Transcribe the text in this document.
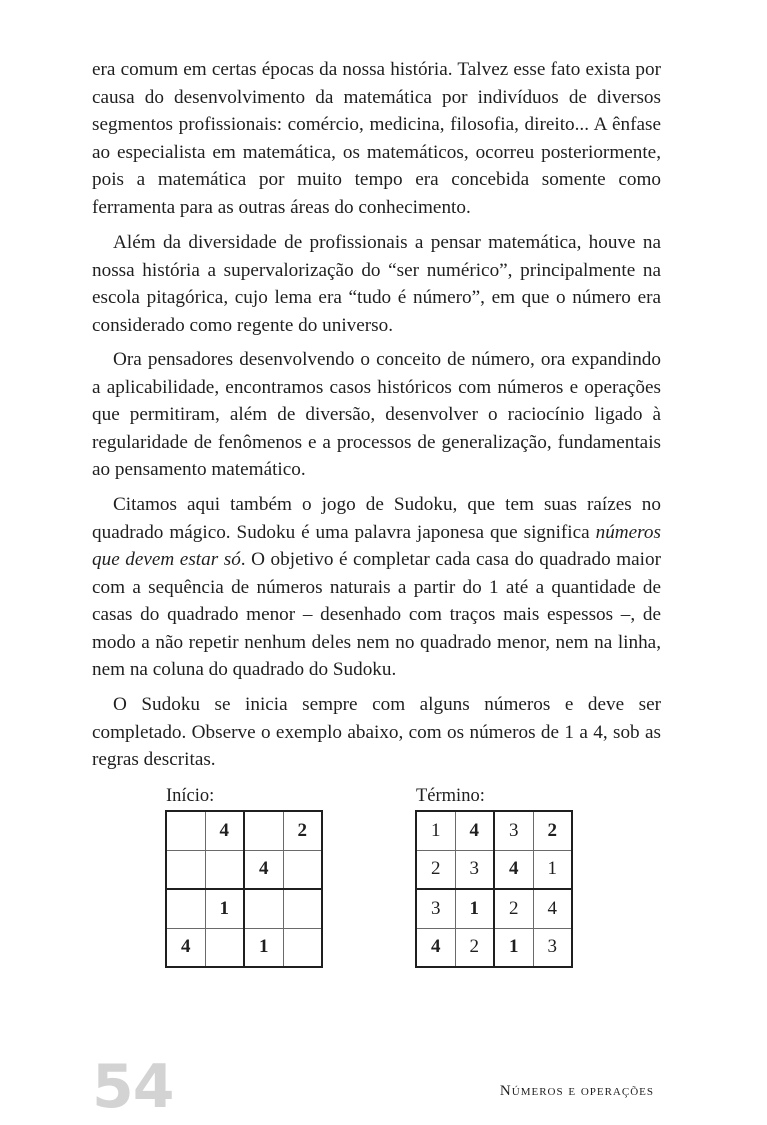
era comum em certas épocas da nossa história. Talvez esse fato exista por causa do desenvolvimento da matemática por indivíduos de diversos segmentos profissionais: comércio, medicina, filosofia, direito... A ênfase ao especialista em matemática, os matemáticos, ocorreu posteriormente, pois a matemática por muito tempo era concebida somente como ferramenta para as outras áreas do conhecimento.

Além da diversidade de profissionais a pensar matemática, houve na nossa história a supervalorização do “ser numérico”, principalmente na escola pitagórica, cujo lema era “tudo é número”, em que o número era considerado como regente do universo.

Ora pensadores desenvolvendo o conceito de número, ora expandindo a aplicabilidade, encontramos casos históricos com números e operações que permitiram, além de diversão, desenvolver o raciocínio ligado à regularidade de fenômenos e a processos de generalização, fundamentais ao pensamento matemático.

Citamos aqui também o jogo de Sudoku, que tem suas raízes no quadrado mágico. Sudoku é uma palavra japonesa que significa números que devem estar só. O objetivo é completar cada casa do quadrado maior com a sequência de números naturais a partir do 1 até a quantidade de casas do quadrado menor – desenhado com traços mais espessos –, de modo a não repetir nenhum deles nem no quadrado menor, nem na linha, nem na coluna do quadrado do Sudoku.

O Sudoku se inicia sempre com alguns números e deve ser completado. Observe o exemplo abaixo, com os números de 1 a 4, sob as regras descritas.

Início:	Término:
	4		2
		4	
	1		
4		1	
1	4	3	2
2	3	4	1
3	1	2	4
4	2	1	3
54	Números e operações
